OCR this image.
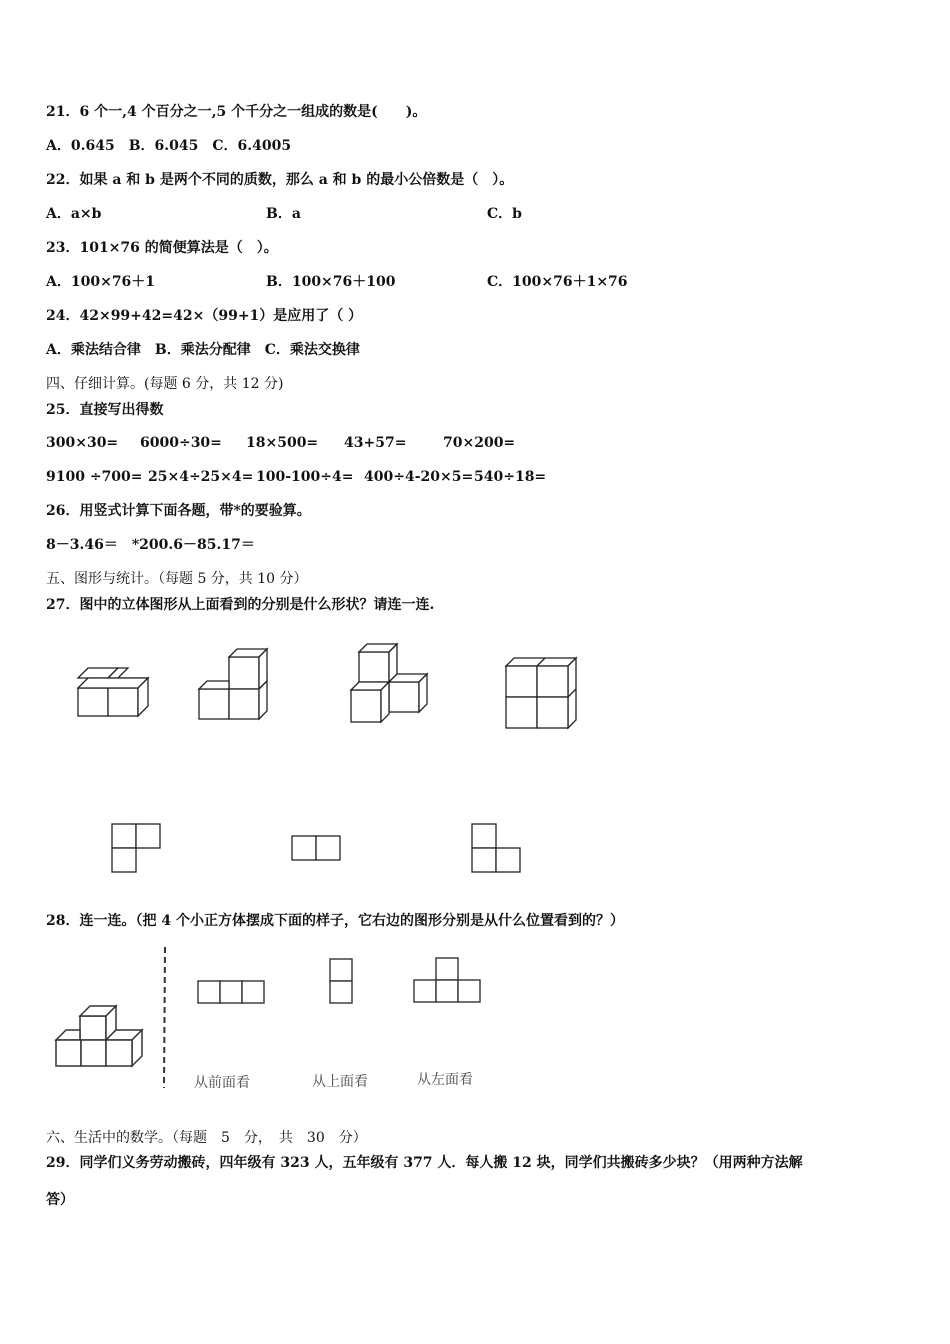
21．6 个一,4 个百分之一,5 个千分之一组成的数是(　　)。
A．0.645　B．6.045　C．6.4005
22．如果 a 和 b 是两个不同的质数，那么 a 和 b 的最小公倍数是（　）。
A．a×b	B．a	C．b
23．101×76 的简便算法是（　）。
A．100×76＋1	B．100×76＋100	C．100×76＋1×76
24．42×99+42=42×（99+1）是应用了（ ）
A．乘法结合律　B．乘法分配律　C．乘法交换律
四、仔细计算。(每题 6 分，共 12 分)
25．直接写出得数
300×30= 6000÷30= 18×500= 43+57=	70×200=
9100 ÷700= 25×4÷25×4= 100-100÷4= 400÷4-20×5= 540÷18=
26．用竖式计算下面各题，带*的要验算。
8－3.46＝　*200.6－85.17＝
五、图形与统计。（每题 5 分，共 10 分）
27．图中的立体图形从上面看到的分别是什么形状？请连一连.
28．连一连。（把 4 个小正方体摆成下面的样子，它右边的图形分别是从什么位置看到的？）
从前面看	从上面看	从左面看
六、生活中的数学。（每题　5　分，　共　30　分）
29．同学们义务劳动搬砖，四年级有 323 人，五年级有 377 人．每人搬 12 块，同学们共搬砖多少块？（用两种方法解
答）
